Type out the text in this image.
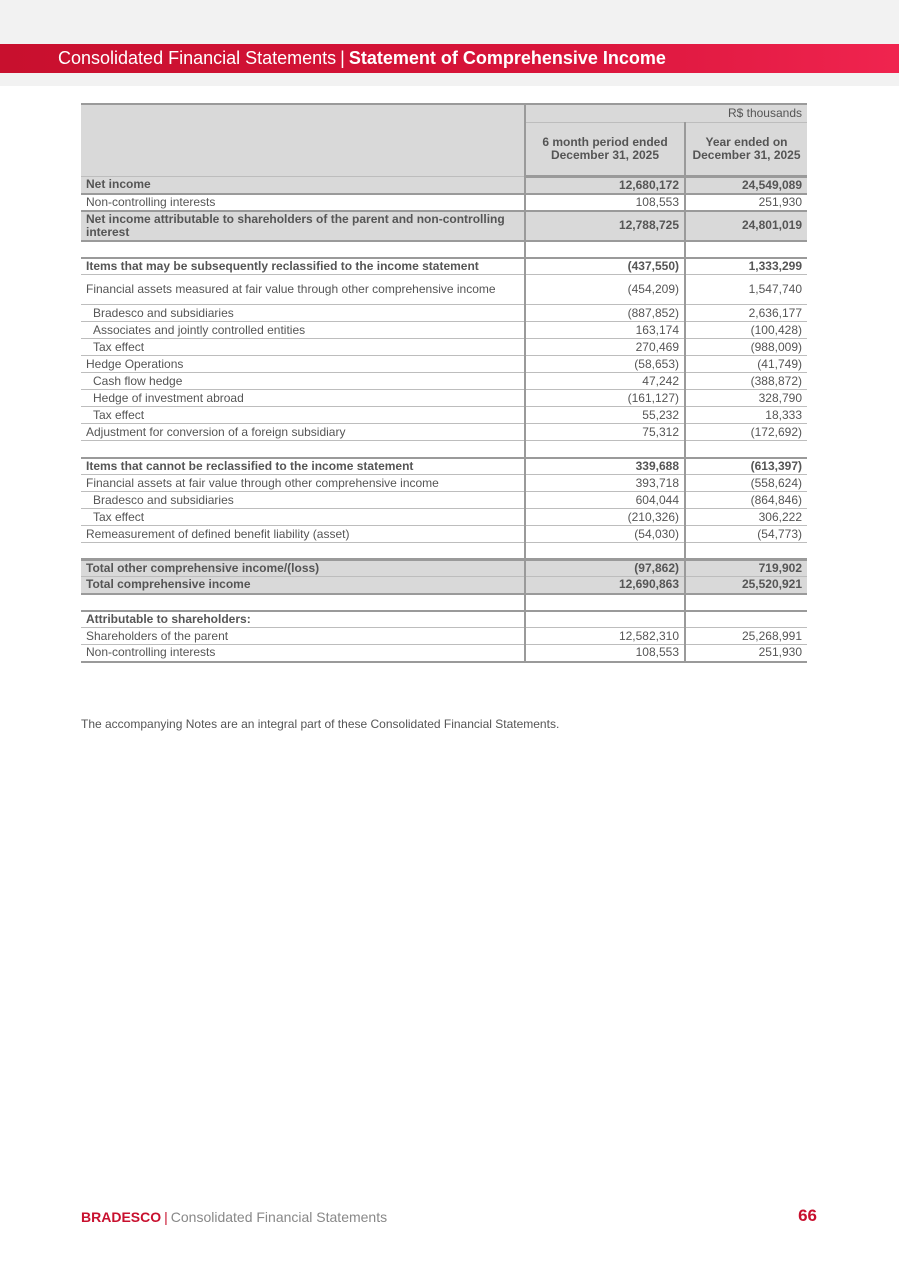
Consolidated Financial Statements | Statement of Comprehensive Income
	R$ thousands	
	6 month period ended December 31, 2025	Year ended on December 31, 2025
Net income	12,680,172	24,549,089
Non-controlling interests	108,553	251,930
Net income attributable to shareholders of the parent and non-controlling interest	12,788,725	24,801,019

Items that may be subsequently reclassified to the income statement	(437,550)	1,333,299
Financial assets measured at fair value through other comprehensive income	(454,209)	1,547,740
Bradesco and subsidiaries	(887,852)	2,636,177
Associates and jointly controlled entities	163,174	(100,428)
Tax effect	270,469	(988,009)
Hedge Operations	(58,653)	(41,749)
Cash flow hedge	47,242	(388,872)
Hedge of investment abroad	(161,127)	328,790
Tax effect	55,232	18,333
Adjustment for conversion of a foreign subsidiary	75,312	(172,692)

Items that cannot be reclassified to the income statement	339,688	(613,397)
Financial assets at fair value through other comprehensive income	393,718	(558,624)
Bradesco and subsidiaries	604,044	(864,846)
Tax effect	(210,326)	306,222
Remeasurement of defined benefit liability (asset)	(54,030)	(54,773)

Total other comprehensive income/(loss)	(97,862)	719,902
Total comprehensive income	12,690,863	25,520,921

Attributable to shareholders:		
Shareholders of the parent	12,582,310	25,268,991
Non-controlling interests	108,553	251,930
The accompanying Notes are an integral part of these Consolidated Financial Statements.
BRADESCO | Consolidated Financial Statements	66
